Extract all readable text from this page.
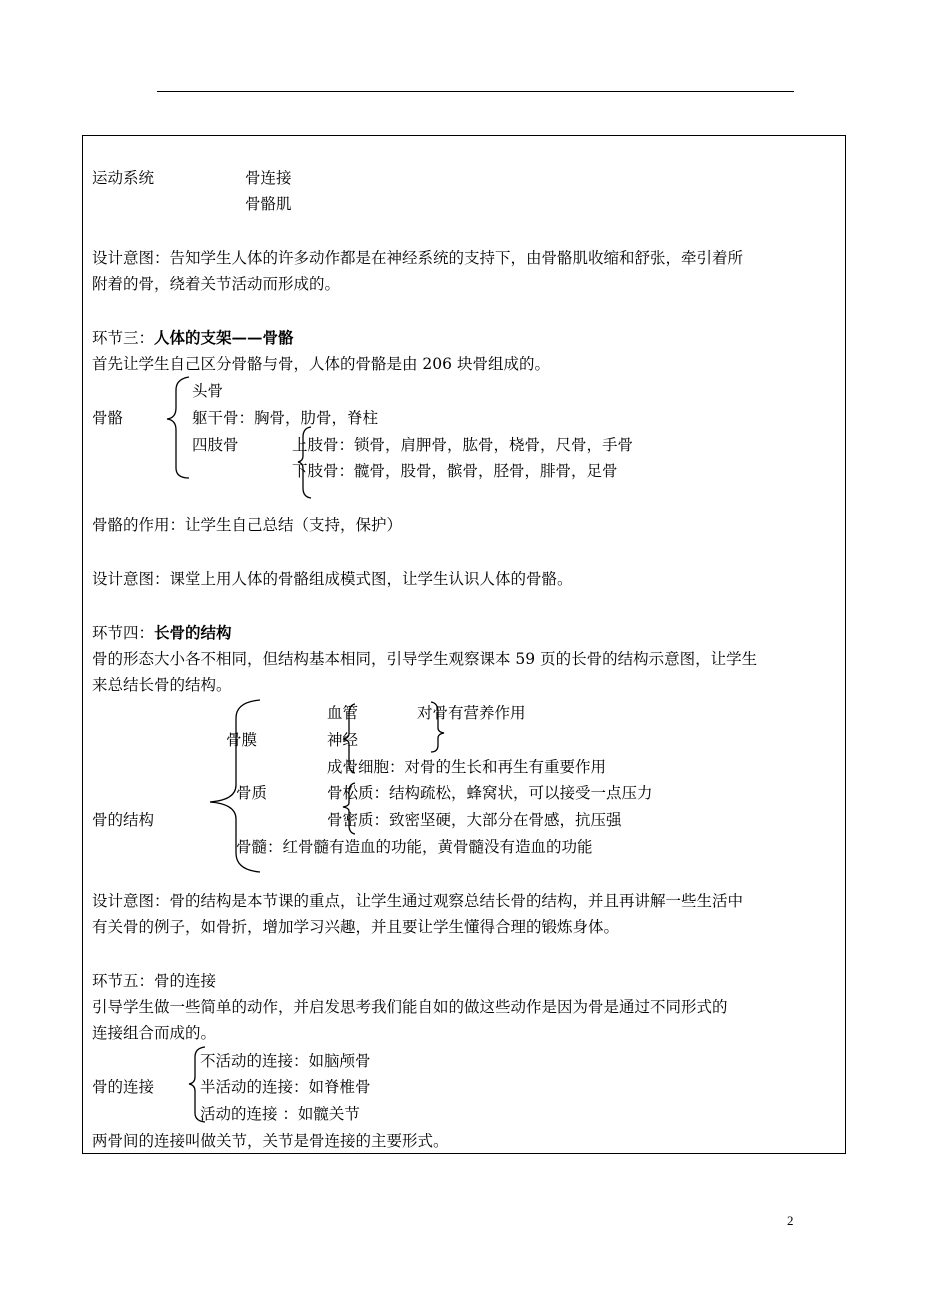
运动系统	骨连接
骨骼肌
设计意图：告知学生人体的许多动作都是在神经系统的支持下，由骨骼肌收缩和舒张，牵引着所
附着的骨，绕着关节活动而形成的。
环节三：人体的支架——骨骼
首先让学生自己区分骨骼与骨，人体的骨骼是由 206 块骨组成的。
头骨
骨骼	躯干骨：胸骨，肋骨，脊柱
四肢骨	上肢骨：锁骨，肩胛骨，肱骨，桡骨，尺骨，手骨
下肢骨：髋骨，股骨，髌骨，胫骨，腓骨，足骨
骨骼的作用：让学生自己总结（支持，保护）
设计意图：课堂上用人体的骨骼组成模式图，让学生认识人体的骨骼。
环节四：长骨的结构
骨的形态大小各不相同，但结构基本相同，引导学生观察课本 59 页的长骨的结构示意图，让学生
来总结长骨的结构。
血管	对骨有营养作用
骨膜	神经
成骨细胞：对骨的生长和再生有重要作用
骨质	骨松质：结构疏松，蜂窝状，可以接受一点压力
骨的结构	骨密质：致密坚硬，大部分在骨感，抗压强
骨髓：红骨髓有造血的功能，黄骨髓没有造血的功能
设计意图：骨的结构是本节课的重点，让学生通过观察总结长骨的结构，并且再讲解一些生活中
有关骨的例子，如骨折，增加学习兴趣，并且要让学生懂得合理的锻炼身体。
环节五：骨的连接
引导学生做一些简单的动作，并启发思考我们能自如的做这些动作是因为骨是通过不同形式的
连接组合而成的。
不活动的连接：如脑颅骨
骨的连接	半活动的连接：如脊椎骨
活动的连接 ：如髋关节
两骨间的连接叫做关节，关节是骨连接的主要形式。
2
